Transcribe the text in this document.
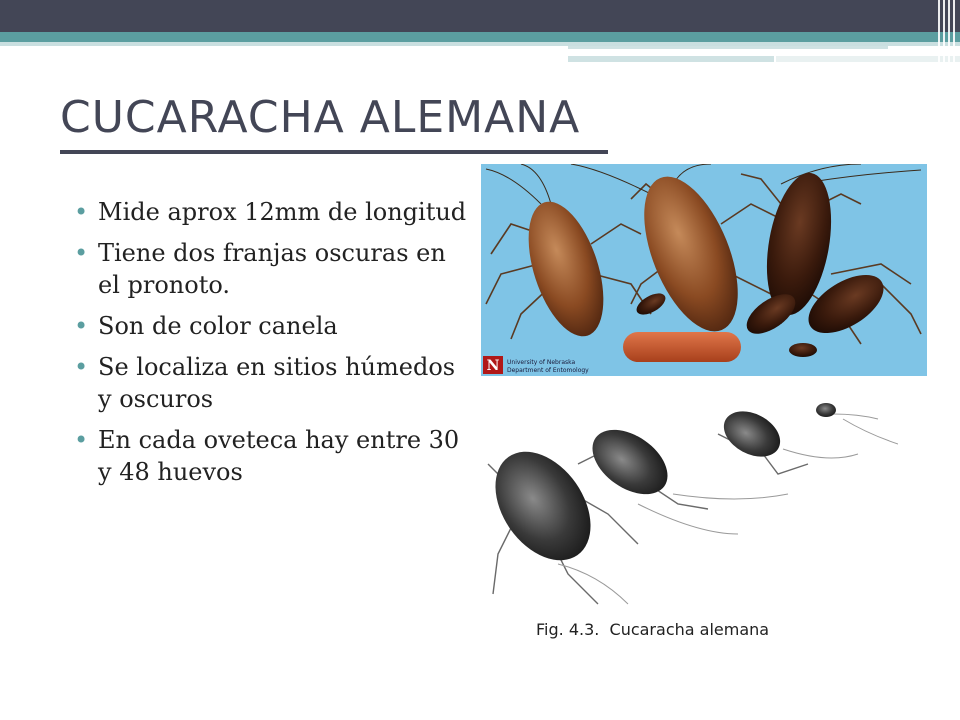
CUCARACHA ALEMANA
• Mide aprox 12mm de longitud
• Tiene dos franjas oscuras en el pronoto.
• Son de color canela
• Se localiza en sitios húmedos y oscuros
• En cada oveteca hay entre 30 y 48 huevos
N University of Nebraska
Department of Entomology

Fig. 4.3.  Cucaracha alemana
